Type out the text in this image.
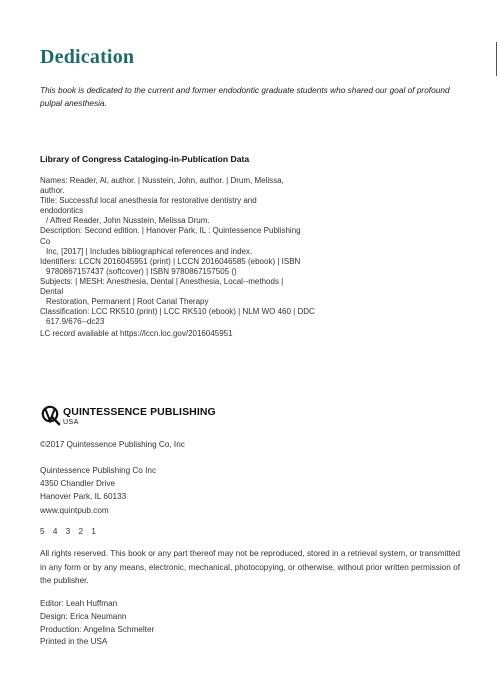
Dedication
This book is dedicated to the current and former endodontic graduate students who shared our goal of profound pulpal anesthesia.
Library of Congress Cataloging-in-Publication Data
Names: Reader, Al, author. | Nusstein, John, author. | Drum, Melissa,
author.
Title: Successful local anesthesia for restorative dentistry and
endodontics
/ Alfred Reader, John Nusstein, Melissa Drum.
Description: Second edition. | Hanover Park, IL : Quintessence Publishing
Co
Inc, [2017] | Includes bibliographical references and index.
Identifiers: LCCN 2016045951 (print) | LCCN 2016046585 (ebook) | ISBN
9780867157437 (softcover) | ISBN 9780867157505 ()
Subjects: | MESH: Anesthesia, Dental | Anesthesia, Local--methods |
Dental
Restoration, Permanent | Root Canal Therapy
Classification: LCC RK510 (print) | LCC RK510 (ebook) | NLM WO 460 | DDC
617.9/676--dc23
LC record available at https://lccn.loc.gov/2016045951
QUINTESSENCE PUBLISHING
USA
©2017 Quintessence Publishing Co, Inc
Quintessence Publishing Co Inc
4350 Chandler Drive
Hanover Park, IL 60133
www.quintpub.com
5 4 3 2 1
All rights reserved. This book or any part thereof may not be reproduced, stored in a retrieval system, or transmitted in any form or by any means, electronic, mechanical, photocopying, or otherwise, without prior written permission of the publisher.
Editor: Leah Huffman
Design: Erica Neumann
Production: Angelina Schmelter
Printed in the USA
